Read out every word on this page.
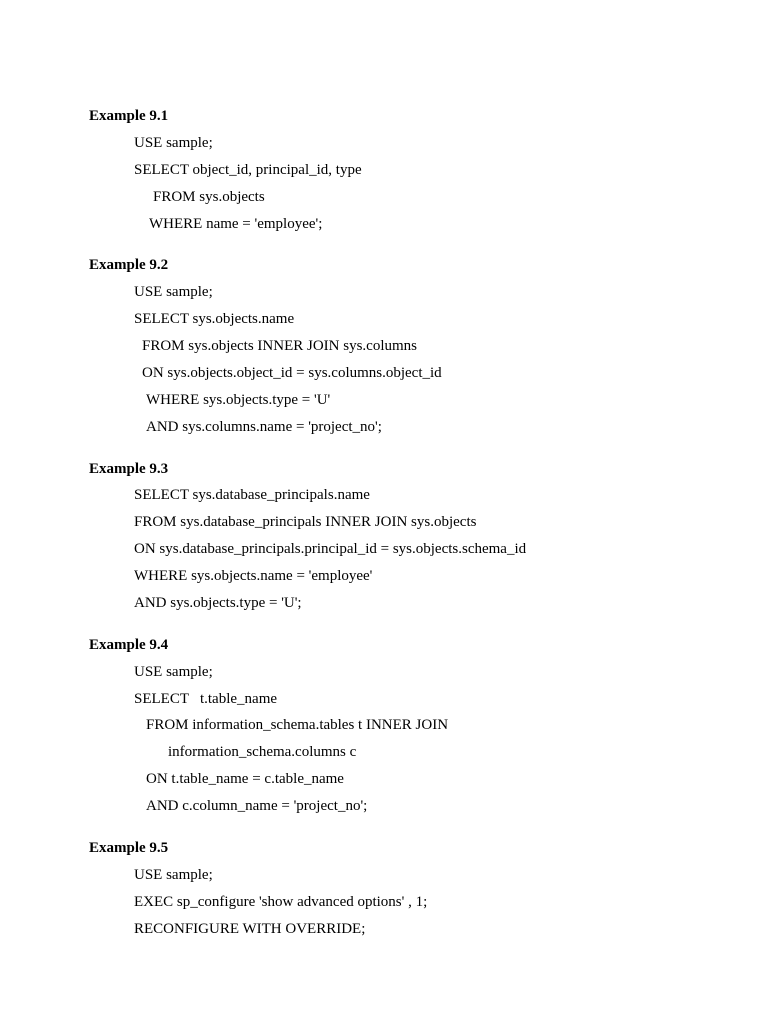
Example 9.1
USE sample;
SELECT object_id, principal_id, type
FROM sys.objects
WHERE name = 'employee';
Example 9.2
USE sample;
SELECT sys.objects.name
FROM sys.objects INNER JOIN sys.columns
ON sys.objects.object_id = sys.columns.object_id
WHERE sys.objects.type = 'U'
AND sys.columns.name = 'project_no';
Example 9.3
SELECT sys.database_principals.name
FROM sys.database_principals INNER JOIN sys.objects
ON sys.database_principals.principal_id = sys.objects.schema_id
WHERE sys.objects.name = 'employee'
AND sys.objects.type = 'U';
Example 9.4
USE sample;
SELECT   t.table_name
FROM information_schema.tables t INNER JOIN
information_schema.columns c
ON t.table_name = c.table_name
AND c.column_name = 'project_no';
Example 9.5
USE sample;
EXEC sp_configure 'show advanced options' , 1;
RECONFIGURE WITH OVERRIDE;
